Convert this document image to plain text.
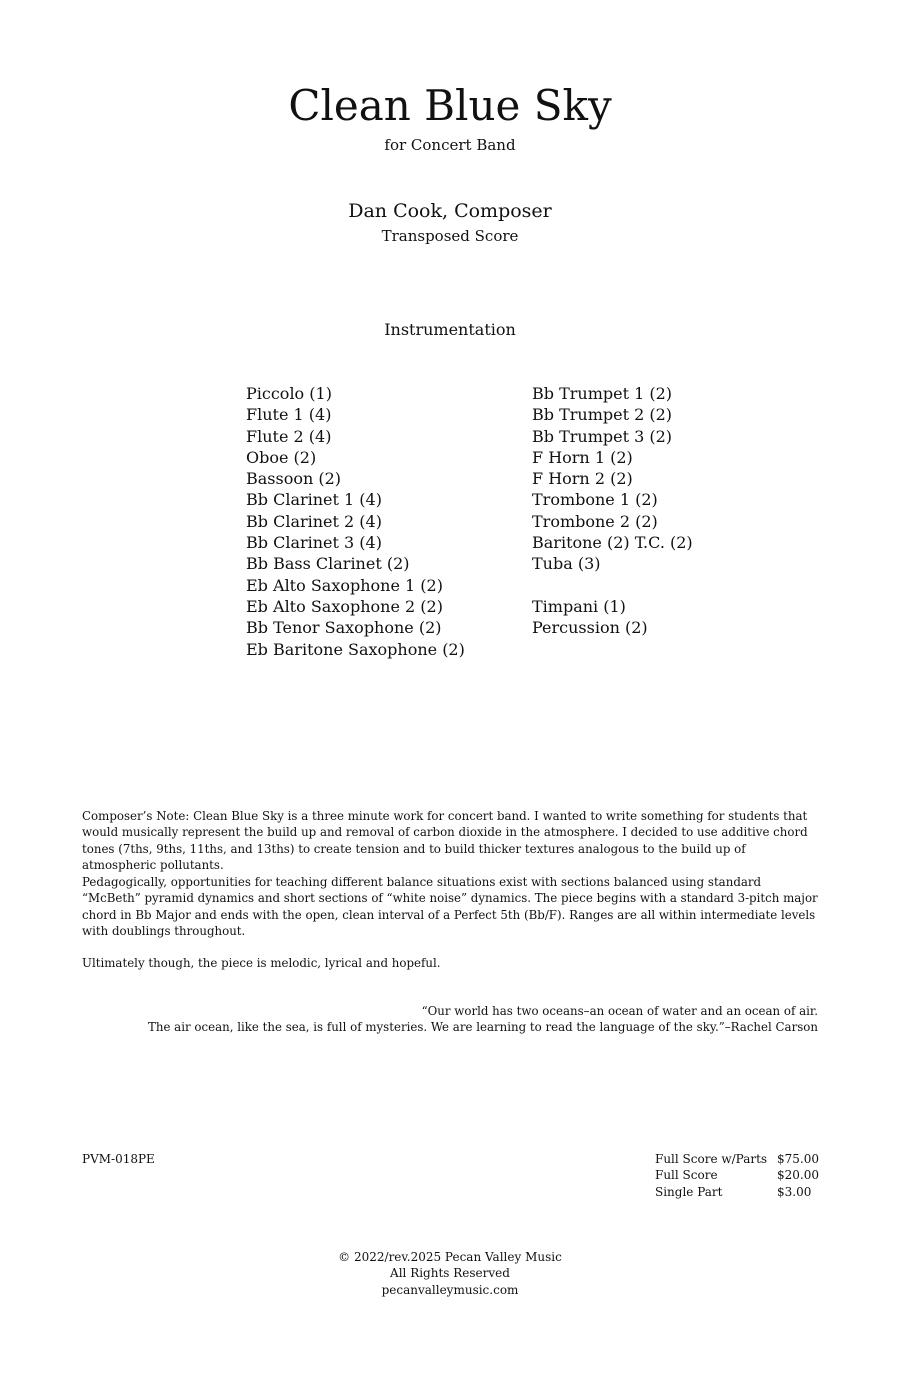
Clean Blue Sky
for Concert Band
Dan Cook, Composer
Transposed Score
Instrumentation
Piccolo (1)
Flute 1 (4)
Flute 2 (4)
Oboe (2)
Bassoon (2)
Bb Clarinet 1 (4)
Bb Clarinet 2 (4)
Bb Clarinet 3 (4)
Bb Bass Clarinet (2)
Eb Alto Saxophone 1 (2)
Eb Alto Saxophone 2 (2)
Bb Tenor Saxophone (2)
Eb Baritone Saxophone (2)
Bb Trumpet 1 (2)
Bb Trumpet 2 (2)
Bb Trumpet 3 (2)
F Horn 1 (2)
F Horn 2 (2)
Trombone 1 (2)
Trombone 2 (2)
Baritone (2) T.C. (2)
Tuba (3)
Timpani (1)
Percussion (2)
Composer’s Note: Clean Blue Sky is a three minute work for concert band. I wanted to write something for students that would musically represent the build up and removal of carbon dioxide in the atmosphere. I decided to use additive chord tones (7ths, 9ths, 11ths, and 13ths) to create tension and to build thicker textures analogous to the build up of atmospheric pollutants.
Pedagogically, opportunities for teaching different balance situations exist with sections balanced using standard “McBeth” pyramid dynamics and short sections of “white noise” dynamics. The piece begins with a standard 3-pitch major chord in Bb Major and ends with the open, clean interval of a Perfect 5th (Bb/F). Ranges are all within intermediate levels with doublings throughout.
Ultimately though, the piece is melodic, lyrical and hopeful.
“Our world has two oceans–an ocean of water and an ocean of air.
The air ocean, like the sea, is full of mysteries. We are learning to read the language of the sky.”–Rachel Carson
PVM-018PE	Full Score w/Parts $75.00
Full Score	$20.00
Single Part	$3.00
© 2022/rev.2025 Pecan Valley Music
All Rights Reserved
pecanvalleymusic.com
